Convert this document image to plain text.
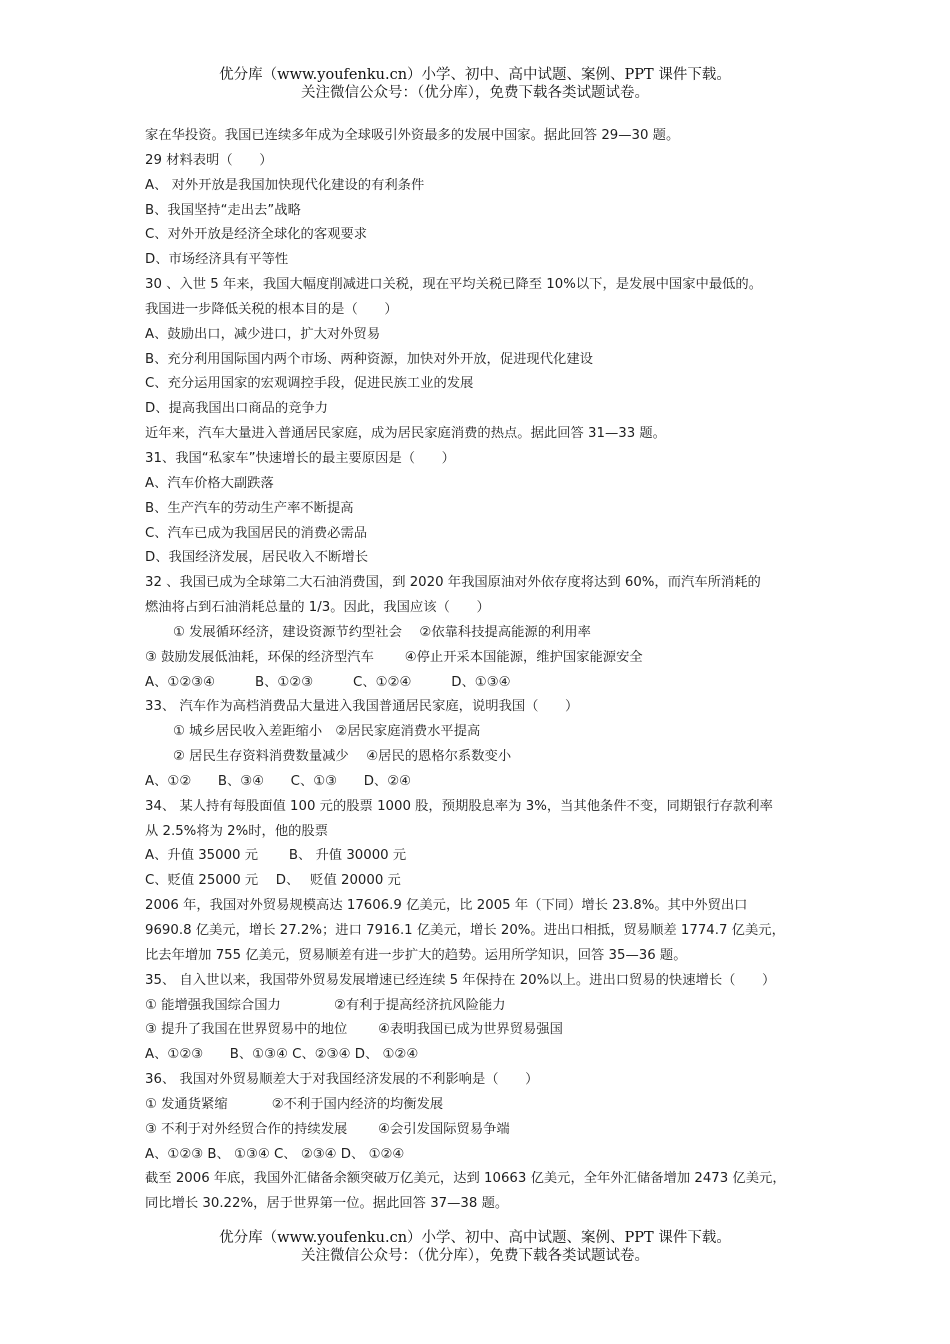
优分库（www.youfenku.cn）小学、初中、高中试题、案例、PPT 课件下载。
关注微信公众号：（优分库），免费下载各类试题试卷。
家在华投资。我国已连续多年成为全球吸引外资最多的发展中国家。据此回答 29—30 题。
29 材料表明（　　）
A、 对外开放是我国加快现代化建设的有利条件
B、我国坚持“走出去”战略
C、对外开放是经济全球化的客观要求
D、市场经济具有平等性
30 、入世 5 年来，我国大幅度削减进口关税，现在平均关税已降至 10%以下，是发展中国家中最低的。
我国进一步降低关税的根本目的是（　　）
A、鼓励出口，减少进口，扩大对外贸易
B、充分利用国际国内两个市场、两种资源，加快对外开放，促进现代化建设
C、充分运用国家的宏观调控手段，促进民族工业的发展
D、提高我国出口商品的竞争力
近年来，汽车大量进入普通居民家庭，成为居民家庭消费的热点。据此回答 31—33 题。
31、我国“私家车”快速增长的最主要原因是（　　）
A、汽车价格大副跌落
B、生产汽车的劳动生产率不断提高
C、汽车已成为我国居民的消费必需品
D、我国经济发展，居民收入不断增长
32 、我国已成为全球第二大石油消费国，到 2020 年我国原油对外依存度将达到 60%，而汽车所消耗的
燃油将占到石油消耗总量的 1/3。因此，我国应该（　　）
① 发展循环经济，建设资源节约型社会　 ②依靠科技提高能源的利用率
③ 鼓励发展低油耗，环保的经济型汽车　　 ④停止开采本国能源，维护国家能源安全
A、①②③④　　　B、①②③　　　C、①②④　　　D、①③④
33、 汽车作为高档消费品大量进入我国普通居民家庭，说明我国（　　）
① 城乡居民收入差距缩小　②居民家庭消费水平提高
② 居民生存资料消费数量减少　 ④居民的恩格尔系数变小
A、①②　　B、③④　　C、①③　　D、②④
34、 某人持有每股面值 100 元的股票 1000 股，预期股息率为 3%，当其他条件不变，同期银行存款利率
从 2.5%将为 2%时，他的股票
A、升值 35000 元　　 B、 升值 30000 元
C、贬值 25000 元　 D、　 贬值 20000 元
2006 年，我国对外贸易规模高达 17606.9 亿美元，比 2005 年（下同）增长 23.8%。其中外贸出口
9690.8 亿美元，增长 27.2%；进口 7916.1 亿美元，增长 20%。进出口相抵，贸易顺差 1774.7 亿美元，
比去年增加 755 亿美元，贸易顺差有进一步扩大的趋势。运用所学知识，回答 35—36 题。
35、 自入世以来，我国带外贸易发展增速已经连续 5 年保持在 20%以上。进出口贸易的快速增长（　　）
① 能增强我国综合国力　　　　②有利于提高经济抗风险能力
③ 提升了我国在世界贸易中的地位　　 ④表明我国已成为世界贸易强国
A、①②③　　B、①③④ C、②③④ D、 ①②④
36、 我国对外贸易顺差大于对我国经济发展的不利影响是（　　）
① 发通货紧缩　　　 ②不利于国内经济的均衡发展
③ 不利于对外经贸合作的持续发展　　 ④会引发国际贸易争端
A、①②③ B、 ①③④ C、 ②③④ D、 ①②④
截至 2006 年底，我国外汇储备余额突破万亿美元，达到 10663 亿美元，全年外汇储备增加 2473 亿美元，
同比增长 30.22%，居于世界第一位。据此回答 37—38 题。
优分库（www.youfenku.cn）小学、初中、高中试题、案例、PPT 课件下载。
关注微信公众号：（优分库），免费下载各类试题试卷。
